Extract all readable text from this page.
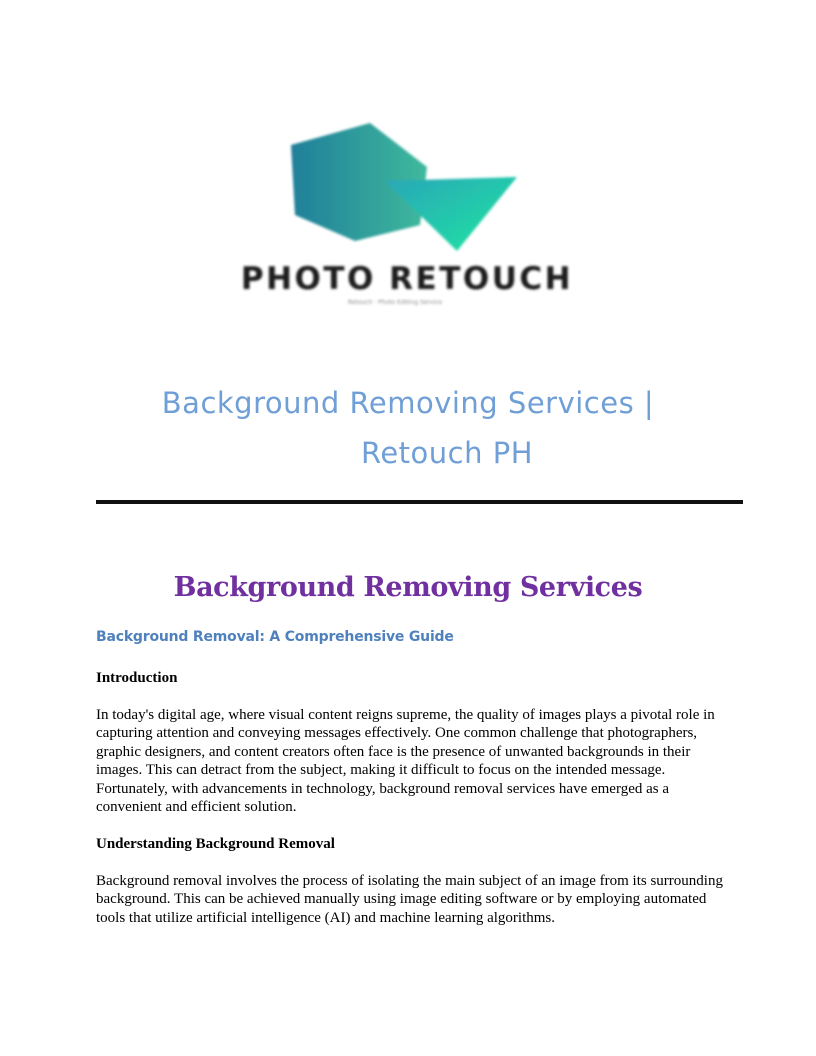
PHOTO RETOUCH
Retouch · Photo Editing Service
Background Removing Services |
Retouch PH
Background Removing Services
Background Removal: A Comprehensive Guide
Introduction

In today's digital age, where visual content reigns supreme, the quality of images plays a pivotal role in capturing attention and conveying messages effectively. One common challenge that photographers, graphic designers, and content creators often face is the presence of unwanted backgrounds in their images. This can detract from the subject, making it difficult to focus on the intended message. Fortunately, with advancements in technology, background removal services have emerged as a convenient and efficient solution.

Understanding Background Removal

Background removal involves the process of isolating the main subject of an image from its surrounding background. This can be achieved manually using image editing software or by employing automated tools that utilize artificial intelligence (AI) and machine learning algorithms.
